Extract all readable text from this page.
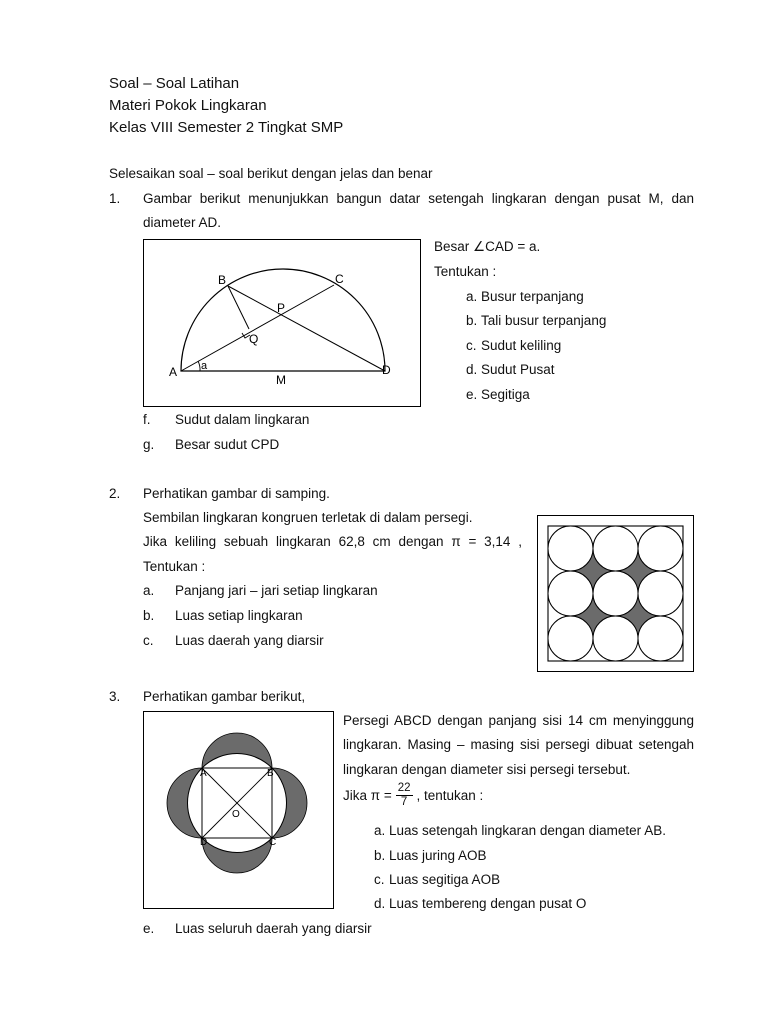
Soal – Soal Latihan
Materi Pokok Lingkaran
Kelas VIII Semester 2 Tingkat SMP
Selesaikan soal – soal berikut dengan jelas dan benar
1. Gambar berikut menunjukkan bangun datar setengah lingkaran dengan pusat M, dan
diameter AD.
A
B	C
D
P
Q
M
a
Besar ∠CAD = a.
Tentukan :
a. Busur terpanjang
b. Tali busur terpanjang
c. Sudut keliling
d. Sudut Pusat
e. Segitiga
f. Sudut dalam lingkaran
g. Besar sudut CPD
2. Perhatikan gambar di samping.
Sembilan lingkaran kongruen terletak di dalam persegi.
Jika keliling sebuah lingkaran 62,8 cm dengan π = 3,14 ,
Tentukan :
a. Panjang jari – jari setiap lingkaran
b. Luas setiap lingkaran
c. Luas daerah yang diarsir
3. Perhatikan gambar berikut,
A	B
C
D
O
Persegi ABCD dengan panjang sisi 14 cm menyinggung
lingkaran. Masing – masing sisi persegi dibuat setengah
lingkaran dengan diameter sisi persegi tersebut.
Jika $\pi = \frac{22}{7}$ , tentukan :
a. Luas setengah lingkaran dengan diameter AB.
b. Luas juring AOB
c. Luas segitiga AOB
d. Luas tembereng dengan pusat O
e. Luas seluruh daerah yang diarsir
